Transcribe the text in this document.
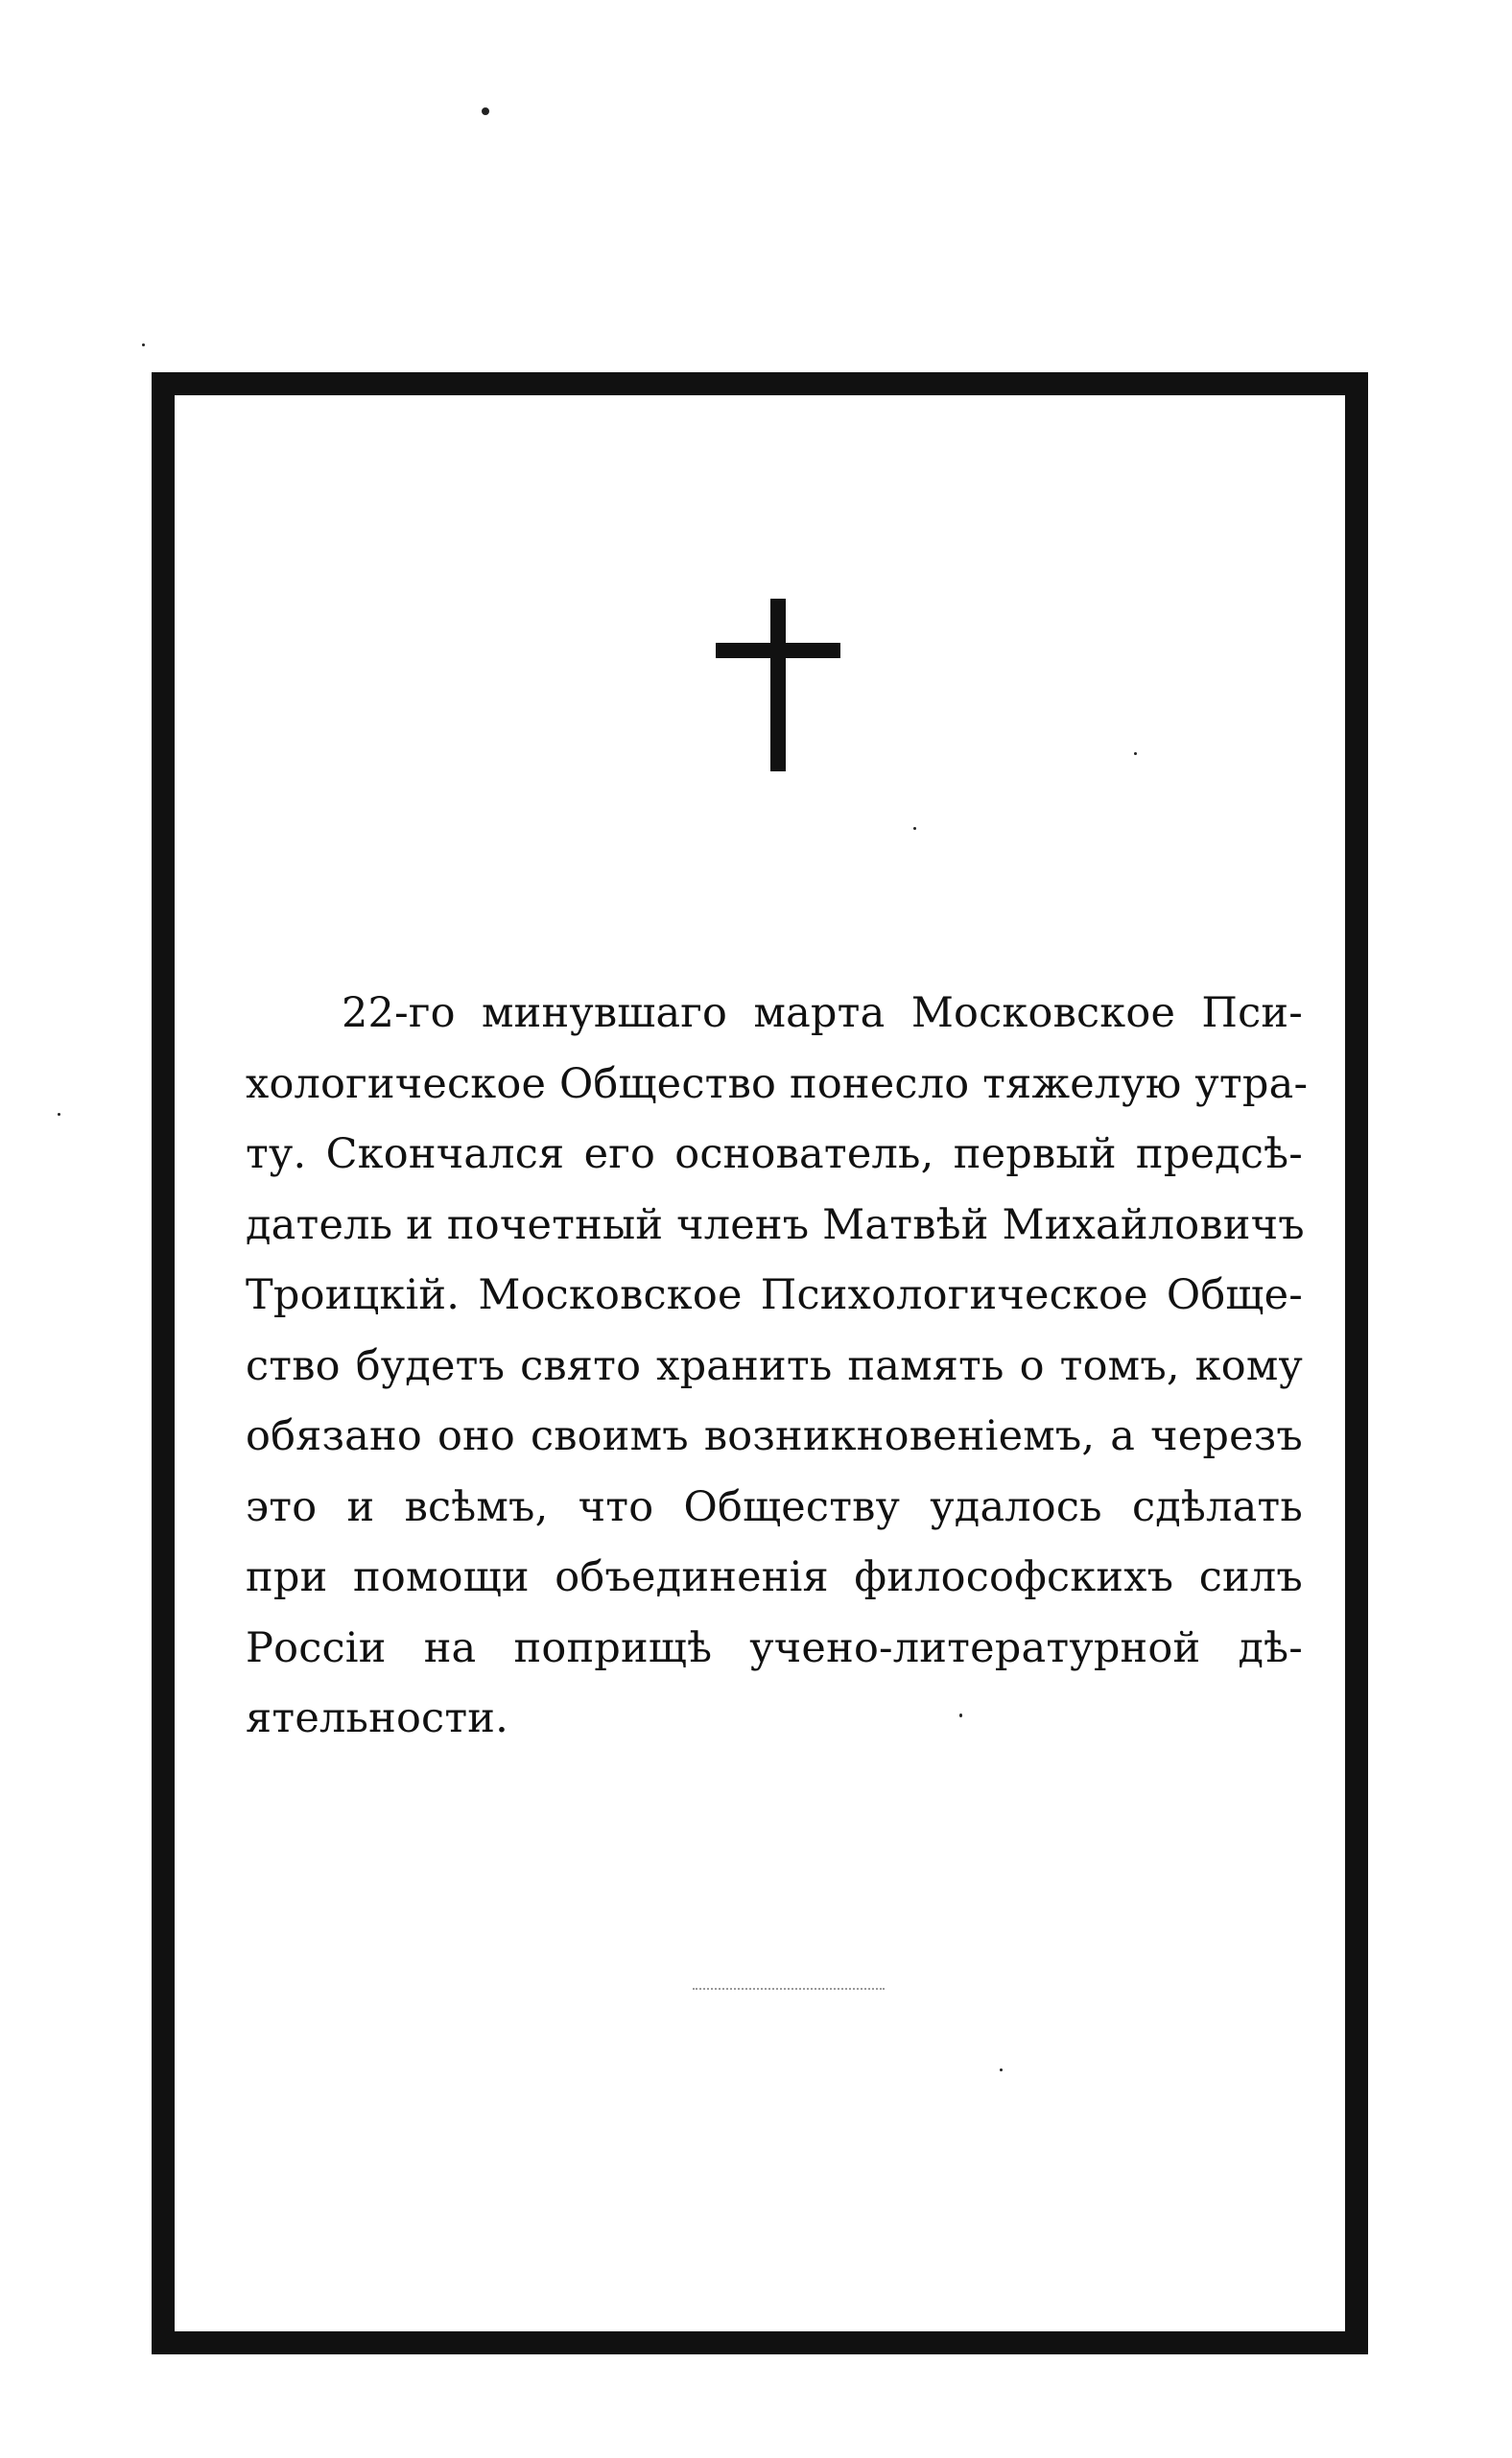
22-го минувшаго марта Московское Пси-
хологическое Общество понесло тяжелую утра-
ту. Скончался его основатель, первый предсѣ-
датель и почетный членъ Матвѣй Михайловичъ
Троицкій. Московское Психологическое Обще-
ство будетъ свято хранить память о томъ, кому
обязано оно своимъ возникновеніемъ, а черезъ
это и всѣмъ, что Обществу удалось сдѣлать
при помощи объединенія философскихъ силъ
Россіи на поприщѣ учено-литературной дѣ-
ятельности.
